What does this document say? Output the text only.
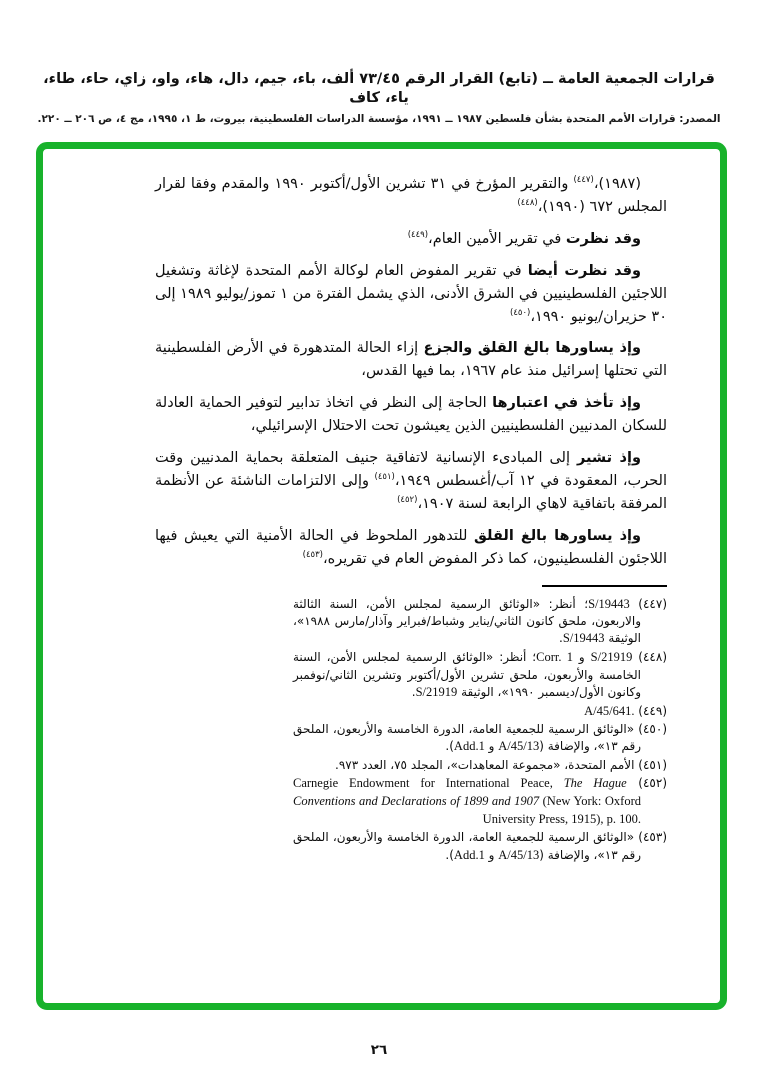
قرارات الجمعية العامة ــ (تابع) القرار الرقم ٧٣/٤٥ ألف، باء، جيم، دال، هاء، واو، زاي، حاء، طاء، ياء، كاف
المصدر: قرارات الأمم المتحدة بشأن فلسطين ١٩٨٧ ــ ١٩٩١، مؤسسة الدراسات الفلسطينية، بيروت، ط ١، ١٩٩٥، مج ٤، ص ٢٠٦ ــ ٢٢٠.

(١٩٨٧)،$^{(٤٤٧)}$ والتقرير المؤرخ في ٣١ تشرين الأول/أكتوبر ١٩٩٠ والمقدم وفقا لقرار المجلس ٦٧٢ (١٩٩٠)،$^{(٤٤٨)}$

وقد نظرت في تقرير الأمين العام،$^{(٤٤٩)}$

وقد نظرت أيضا في تقرير المفوض العام لوكالة الأمم المتحدة لإغاثة وتشغيل اللاجئين الفلسطينيين في الشرق الأدنى، الذي يشمل الفترة من ١ تموز/يوليو ١٩٨٩ إلى ٣٠ حزيران/يونيو ١٩٩٠،$^{(٤٥٠)}$

وإذ يساورها بالغ القلق والجزع إزاء الحالة المتدهورة في الأرض الفلسطينية التي تحتلها إسرائيل منذ عام ١٩٦٧، بما فيها القدس،

وإذ تأخذ في اعتبارها الحاجة إلى النظر في اتخاذ تدابير لتوفير الحماية العادلة للسكان المدنيين الفلسطينيين الذين يعيشون تحت الاحتلال الإسرائيلي،

وإذ تشير إلى المبادىء الإنسانية لاتفاقية جنيف المتعلقة بحماية المدنيين وقت الحرب، المعقودة في ١٢ آب/أغسطس ١٩٤٩،$^{(٤٥١)}$ وإلى الالتزامات الناشئة عن الأنظمة المرفقة باتفاقية لاهاي الرابعة لسنة ١٩٠٧،$^{(٤٥٢)}$

وإذ يساورها بالغ القلق للتدهور الملحوظ في الحالة الأمنية التي يعيش فيها اللاجئون الفلسطينيون، كما ذكر المفوض العام في تقريره،$^{(٤٥٣)}$

(٤٤٧) S/19443؛ أنظر: «الوثائق الرسمية لمجلس الأمن، السنة الثالثة والاربعون، ملحق كانون الثاني/يناير وشباط/فبراير وآذار/مارس ١٩٨٨»، الوثيقة S/19443.
(٤٤٨) S/21919 و Corr. 1؛ أنظر: «الوثائق الرسمية لمجلس الأمن، السنة الخامسة والأربعون، ملحق تشرين الأول/أكتوبر وتشرين الثاني/نوفمبر وكانون الأول/ديسمبر ١٩٩٠»، الوثيقة S/21919.
(٤٤٩) A/45/641.
(٤٥٠) «الوثائق الرسمية للجمعية العامة، الدورة الخامسة والأربعون، الملحق رقم ١٣»، والإضافة (A/45/13 و Add.1).
(٤٥١) الأمم المتحدة، «مجموعة المعاهدات»، المجلد ٧٥، العدد ٩٧٣.
(٤٥٢) Carnegie Endowment for International Peace, The Hague Conventions and Declarations of 1899 and 1907 (New York: Oxford University Press, 1915), p. 100.
(٤٥٣) «الوثائق الرسمية للجمعية العامة، الدورة الخامسة والأربعون، الملحق رقم ١٣»، والإضافة (A/45/13 و Add.1).
٢٦
